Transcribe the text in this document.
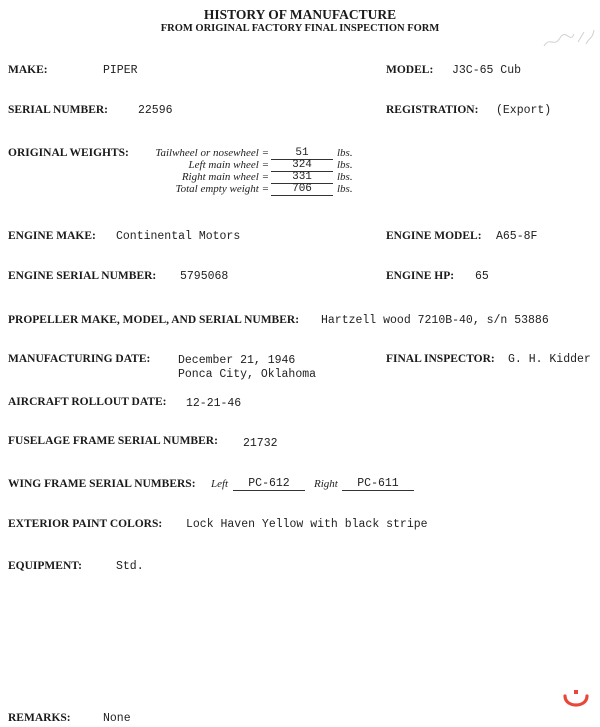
HISTORY OF MANUFACTURE
FROM ORIGINAL FACTORY FINAL INSPECTION FORM
MAKE:	PIPER	MODEL: J3C-65 Cub
SERIAL NUMBER:	22596	REGISTRATION: (Export)
ORIGINAL WEIGHTS:	Tailwheel or nosewheel =	51	lbs.
Left main wheel =	324	lbs.
Right main wheel =	331	lbs.
Total empty weight =	706	lbs.
ENGINE MAKE: Continental Motors	ENGINE MODEL: A65-8F
ENGINE SERIAL NUMBER: 5795068	ENGINE HP: 65
PROPELLER MAKE, MODEL, AND SERIAL NUMBER: Hartzell wood 7210B-40, s/n 53886
MANUFACTURING DATE: December 21, 1946
Ponca City, Oklahoma
FINAL INSPECTOR: G. H. Kidder
AIRCRAFT ROLLOUT DATE: 12-21-46
FUSELAGE FRAME SERIAL NUMBER: 21732
WING FRAME SERIAL NUMBERS: Left	PC-612	Right	PC-611
EXTERIOR PAINT COLORS: Lock Haven Yellow with black stripe
EQUIPMENT:	Std.
REMARKS:	None
